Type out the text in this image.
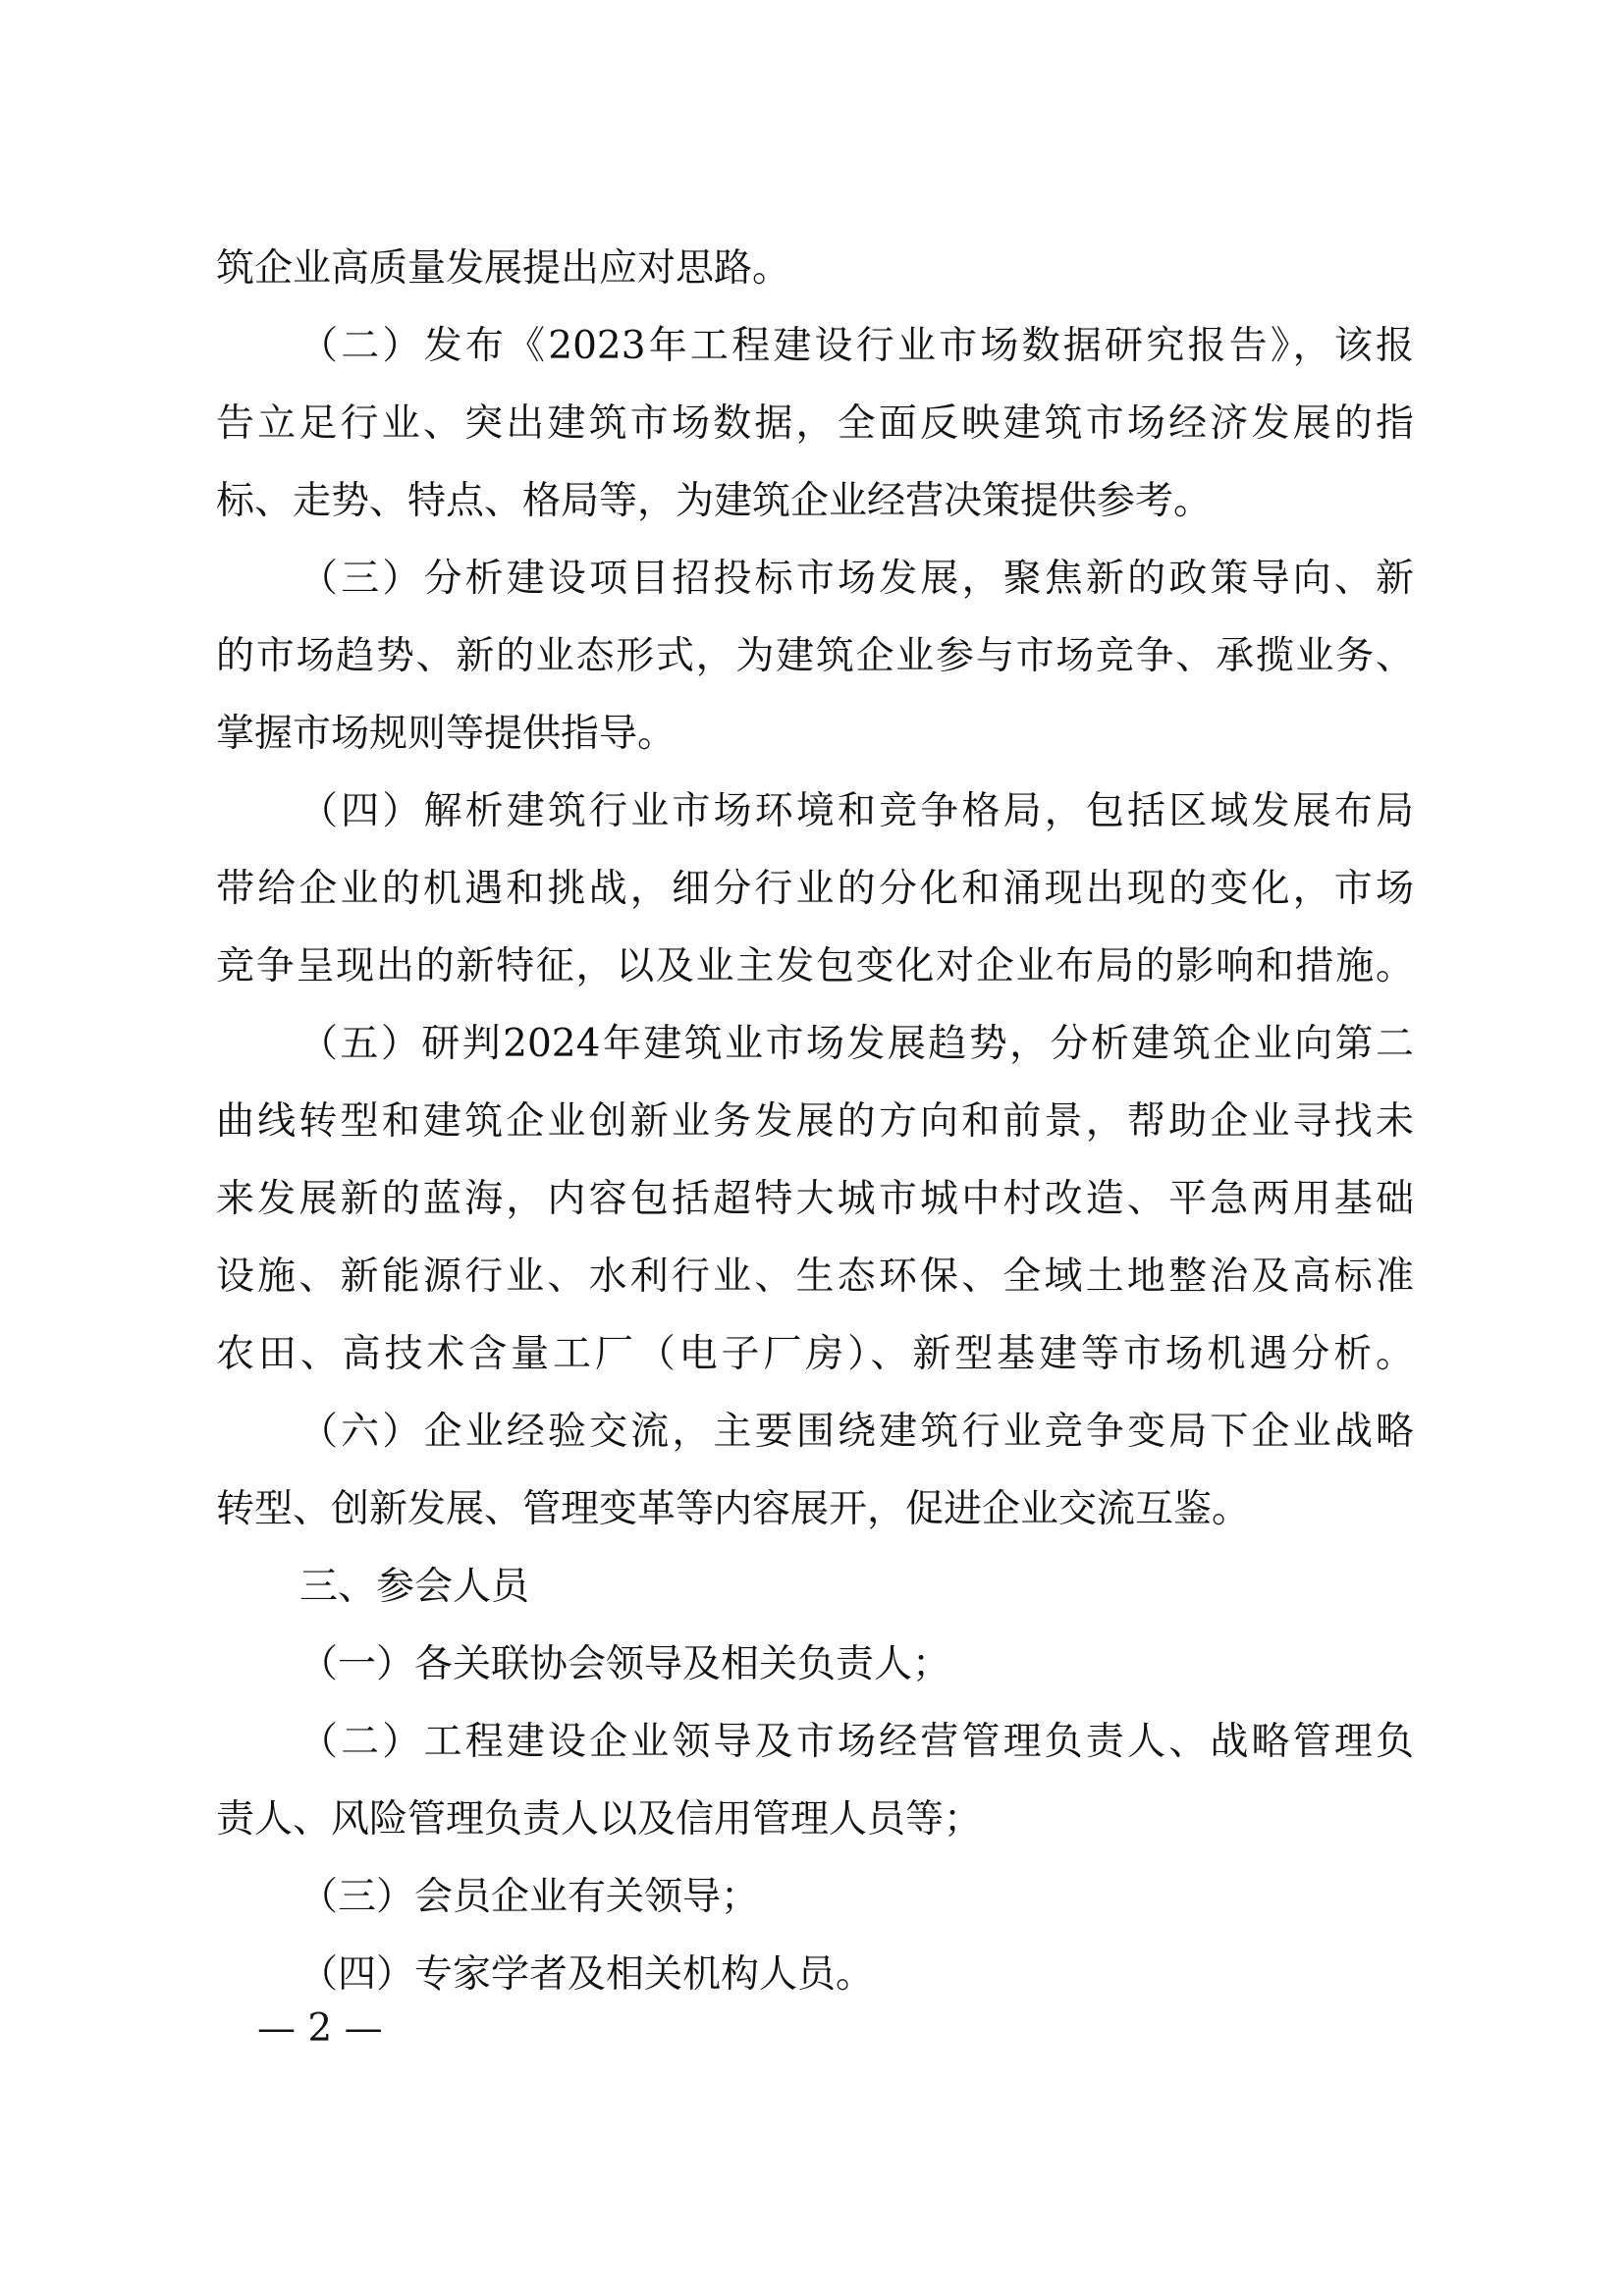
筑企业高质量发展提出应对思路。
（二）发布《2023年工程建设行业市场数据研究报告》，该报
告立足行业、突出建筑市场数据，全面反映建筑市场经济发展的指
标、走势、特点、格局等，为建筑企业经营决策提供参考。
（三）分析建设项目招投标市场发展，聚焦新的政策导向、新
的市场趋势、新的业态形式，为建筑企业参与市场竞争、承揽业务、
掌握市场规则等提供指导。
（四）解析建筑行业市场环境和竞争格局，包括区域发展布局
带给企业的机遇和挑战，细分行业的分化和涌现出现的变化，市场
竞争呈现出的新特征，以及业主发包变化对企业布局的影响和措施。
（五）研判2024年建筑业市场发展趋势，分析建筑企业向第二
曲线转型和建筑企业创新业务发展的方向和前景，帮助企业寻找未
来发展新的蓝海，内容包括超特大城市城中村改造、平急两用基础
设施、新能源行业、水利行业、生态环保、全域土地整治及高标准
农田、高技术含量工厂（电子厂房）、新型基建等市场机遇分析。
（六）企业经验交流，主要围绕建筑行业竞争变局下企业战略
转型、创新发展、管理变革等内容展开，促进企业交流互鉴。
三、参会人员
（一）各关联协会领导及相关负责人；
（二）工程建设企业领导及市场经营管理负责人、战略管理负
责人、风险管理负责人以及信用管理人员等；
（三）会员企业有关领导；
（四）专家学者及相关机构人员。
— 2 —
